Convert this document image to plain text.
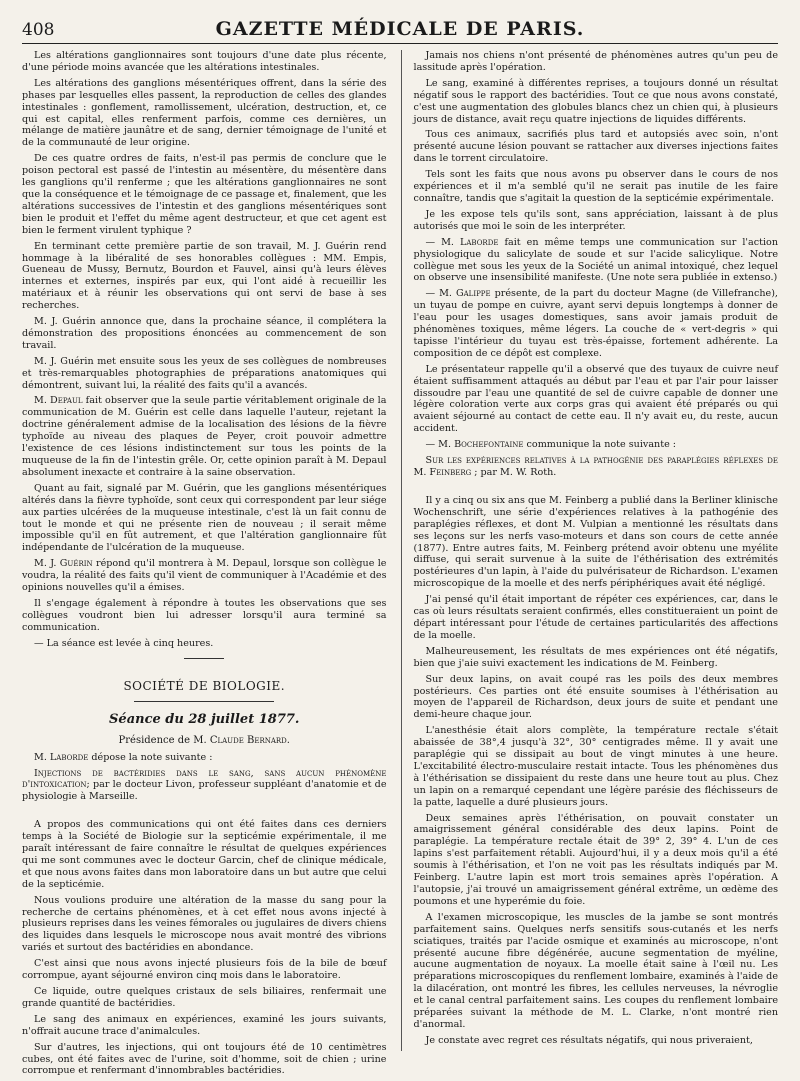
408	GAZETTE MÉDICALE DE PARIS.

Les altérations ganglionnaires sont toujours d'une date plus récente, d'une période moins avancée que les altérations intestinales.

Les altérations des ganglions mésentériques offrent, dans la série des phases par lesquelles elles passent, la reproduction de celles des glandes intestinales : gonflement, ramollissement, ulcération, destruction, et, ce qui est capital, elles renferment parfois, comme ces dernières, un mélange de matière jaunâtre et de sang, dernier témoignage de l'unité et de la communauté de leur origine.

De ces quatre ordres de faits, n'est-il pas permis de conclure que le poison pectoral est passé de l'intestin au mésentère, du mésentère dans les ganglions qu'il renferme ; que les altérations ganglionnaires ne sont que la conséquence et le témoignage de ce passage et, finalement, que les altérations successives de l'intestin et des ganglions mésentériques sont bien le produit et l'effet du même agent destructeur, et que cet agent est bien le ferment virulent typhique ?

En terminant cette première partie de son travail, M. J. Guérin rend hommage à la libéralité de ses honorables collègues : MM. Empis, Gueneau de Mussy, Bernutz, Bourdon et Fauvel, ainsi qu'à leurs élèves internes et externes, inspirés par eux, qui l'ont aidé à recueillir les matériaux et à réunir les observations qui ont servi de base à ses recherches.

M. J. Guérin annonce que, dans la prochaine séance, il complétera la démonstration des propositions énoncées au commencement de son travail.

M. J. Guérin met ensuite sous les yeux de ses collègues de nombreuses et très-remarquables photographies de préparations anatomiques qui démontrent, suivant lui, la réalité des faits qu'il a avancés.

M. Depaul fait observer que la seule partie véritablement originale de la communication de M. Guérin est celle dans laquelle l'auteur, rejetant la doctrine généralement admise de la localisation des lésions de la fièvre typhoïde au niveau des plaques de Peyer, croit pouvoir admettre l'existence de ces lésions indistinctement sur tous les points de la muqueuse de la fin de l'intestin grêle. Or, cette opinion paraît à M. Depaul absolument inexacte et contraire à la saine observation.

Quant au fait, signalé par M. Guérin, que les ganglions mésentériques altérés dans la fièvre typhoïde, sont ceux qui correspondent par leur siége aux parties ulcérées de la muqueuse intestinale, c'est là un fait connu de tout le monde et qui ne présente rien de nouveau ; il serait même impossible qu'il en fût autrement, et que l'altération ganglionnaire fût indépendante de l'ulcération de la muqueuse.

M. J. Guérin répond qu'il montrera à M. Depaul, lorsque son collègue le voudra, la réalité des faits qu'il vient de communiquer à l'Académie et des opinions nouvelles qu'il a émises.

Il s'engage également à répondre à toutes les observations que ses collègues voudront bien lui adresser lorsqu'il aura terminé sa communication.

— La séance est levée à cinq heures.

SOCIÉTÉ DE BIOLOGIE.
Séance du 28 juillet 1877.
Présidence de M. Claude Bernard.

M. Laborde dépose la note suivante :

Injections de bactéridies dans le sang, sans aucun phénomène d'intoxication; par le docteur Livon, professeur suppléant d'anatomie et de physiologie à Marseille.

A propos des communications qui ont été faites dans ces derniers temps à la Société de Biologie sur la septicémie expérimentale, il me paraît intéressant de faire connaître le résultat de quelques expériences qui me sont communes avec le docteur Garcin, chef de clinique médicale, et que nous avons faites dans mon laboratoire dans un but autre que celui de la septicémie.

Nous voulions produire une altération de la masse du sang pour la recherche de certains phénomènes, et à cet effet nous avons injecté à plusieurs reprises dans les veines fémorales ou jugulaires de divers chiens des liquides dans lesquels le microscope nous avait montré des vibrions variés et surtout des bactéridies en abondance.

C'est ainsi que nous avons injecté plusieurs fois de la bile de bœuf corrompue, ayant séjourné environ cinq mois dans le laboratoire.

Ce liquide, outre quelques cristaux de sels biliaires, renfermait une grande quantité de bactéridies.

Le sang des animaux en expériences, examiné les jours suivants, n'offrait aucune trace d'animalcules.

Sur d'autres, les injections, qui ont toujours été de 10 centimètres cubes, ont été faites avec de l'urine, soit d'homme, soit de chien ; urine corrompue et renfermant d'innombrables bactéridies.

Jamais nos chiens n'ont présenté de phénomènes autres qu'un peu de lassitude après l'opération.

Le sang, examiné à différentes reprises, a toujours donné un résultat négatif sous le rapport des bactéridies. Tout ce que nous avons constaté, c'est une augmentation des globules blancs chez un chien qui, à plusieurs jours de distance, avait reçu quatre injections de liquides différents.

Tous ces animaux, sacrifiés plus tard et autopsiés avec soin, n'ont présenté aucune lésion pouvant se rattacher aux diverses injections faites dans le torrent circulatoire.

Tels sont les faits que nous avons pu observer dans le cours de nos expériences et il m'a semblé qu'il ne serait pas inutile de les faire connaître, tandis que s'agitait la question de la septicémie expérimentale.

Je les expose tels qu'ils sont, sans appréciation, laissant à de plus autorisés que moi le soin de les interpréter.

— M. Laborde fait en même temps une communication sur l'action physiologique du salicylate de soude et sur l'acide salicylique. Notre collègue met sous les yeux de la Société un animal intoxiqué, chez lequel on observe une insensibilité manifeste. (Une note sera publiée in extenso.)

— M. Galippe présente, de la part du docteur Magne (de Villefranche), un tuyau de pompe en cuivre, ayant servi depuis longtemps à donner de l'eau pour les usages domestiques, sans avoir jamais produit de phénomènes toxiques, même légers. La couche de « vert-degris » qui tapisse l'intérieur du tuyau est très-épaisse, fortement adhérente. La composition de ce dépôt est complexe.

Le présentateur rappelle qu'il a observé que des tuyaux de cuivre neuf étaient suffisamment attaqués au début par l'eau et par l'air pour laisser dissoudre par l'eau une quantité de sel de cuivre capable de donner une légère coloration verte aux corps gras qui avaient été préparés ou qui avaient séjourné au contact de cette eau. Il n'y avait eu, du reste, aucun accident.

— M. Bochefontaine communique la note suivante :

Sur les expériences relatives à la pathogénie des paraplégies réflexes de M. Feinberg ; par M. W. Roth.

Il y a cinq ou six ans que M. Feinberg a publié dans la Berliner klinische Wochenschrift, une série d'expériences relatives à la pathogénie des paraplégies réflexes, et dont M. Vulpian a mentionné les résultats dans ses leçons sur les nerfs vaso-moteurs et dans son cours de cette année (1877). Entre autres faits, M. Feinberg prétend avoir obtenu une myélite diffuse, qui serait survenue à la suite de l'éthérisation des extrémités postérieures d'un lapin, à l'aide du pulvérisateur de Richardson. L'examen microscopique de la moelle et des nerfs périphériques avait été négligé.

J'ai pensé qu'il était important de répéter ces expériences, car, dans le cas où leurs résultats seraient confirmés, elles constitueraient un point de départ intéressant pour l'étude de certaines particularités des affections de la moelle.

Malheureusement, les résultats de mes expériences ont été négatifs, bien que j'aie suivi exactement les indications de M. Feinberg.

Sur deux lapins, on avait coupé ras les poils des deux membres postérieurs. Ces parties ont été ensuite soumises à l'éthérisation au moyen de l'appareil de Richardson, deux jours de suite et pendant une demi-heure chaque jour.

L'anesthésie était alors complète, la température rectale s'était abaissée de 38°,4 jusqu'à 32°, 30° centigrades même. Il y avait une paraplégie qui se dissipait au bout de vingt minutes à une heure. L'excitabilité électro-musculaire restait intacte. Tous les phénomènes dus à l'éthérisation se dissipaient du reste dans une heure tout au plus. Chez un lapin on a remarqué cependant une légère parésie des fléchisseurs de la patte, laquelle a duré plusieurs jours.

Deux semaines après l'éthérisation, on pouvait constater un amaigrissement général considérable des deux lapins. Point de paraplégie. La température rectale était de 39° 2, 39° 4. L'un de ces lapins s'est parfaitement rétabli. Aujourd'hui, il y a deux mois qu'il a été soumis à l'éthérisation, et l'on ne voit pas les résultats indiqués par M. Feinberg. L'autre lapin est mort trois semaines après l'opération. A l'autopsie, j'ai trouvé un amaigrissement général extrême, un œdème des poumons et une hyperémie du foie.

A l'examen microscopique, les muscles de la jambe se sont montrés parfaitement sains. Quelques nerfs sensitifs sous-cutanés et les nerfs sciatiques, traités par l'acide osmique et examinés au microscope, n'ont présenté aucune fibre dégénérée, aucune segmentation de myéline, aucune augmentation de noyaux. La moelle était saine à l'œil nu. Les préparations microscopiques du renflement lombaire, examinés à l'aide de la dilacération, ont montré les fibres, les cellules nerveuses, la névroglie et le canal central parfaitement sains. Les coupes du renflement lombaire préparées suivant la méthode de M. L. Clarke, n'ont montré rien d'anormal.

Je constate avec regret ces résultats négatifs, qui nous priveraient,
